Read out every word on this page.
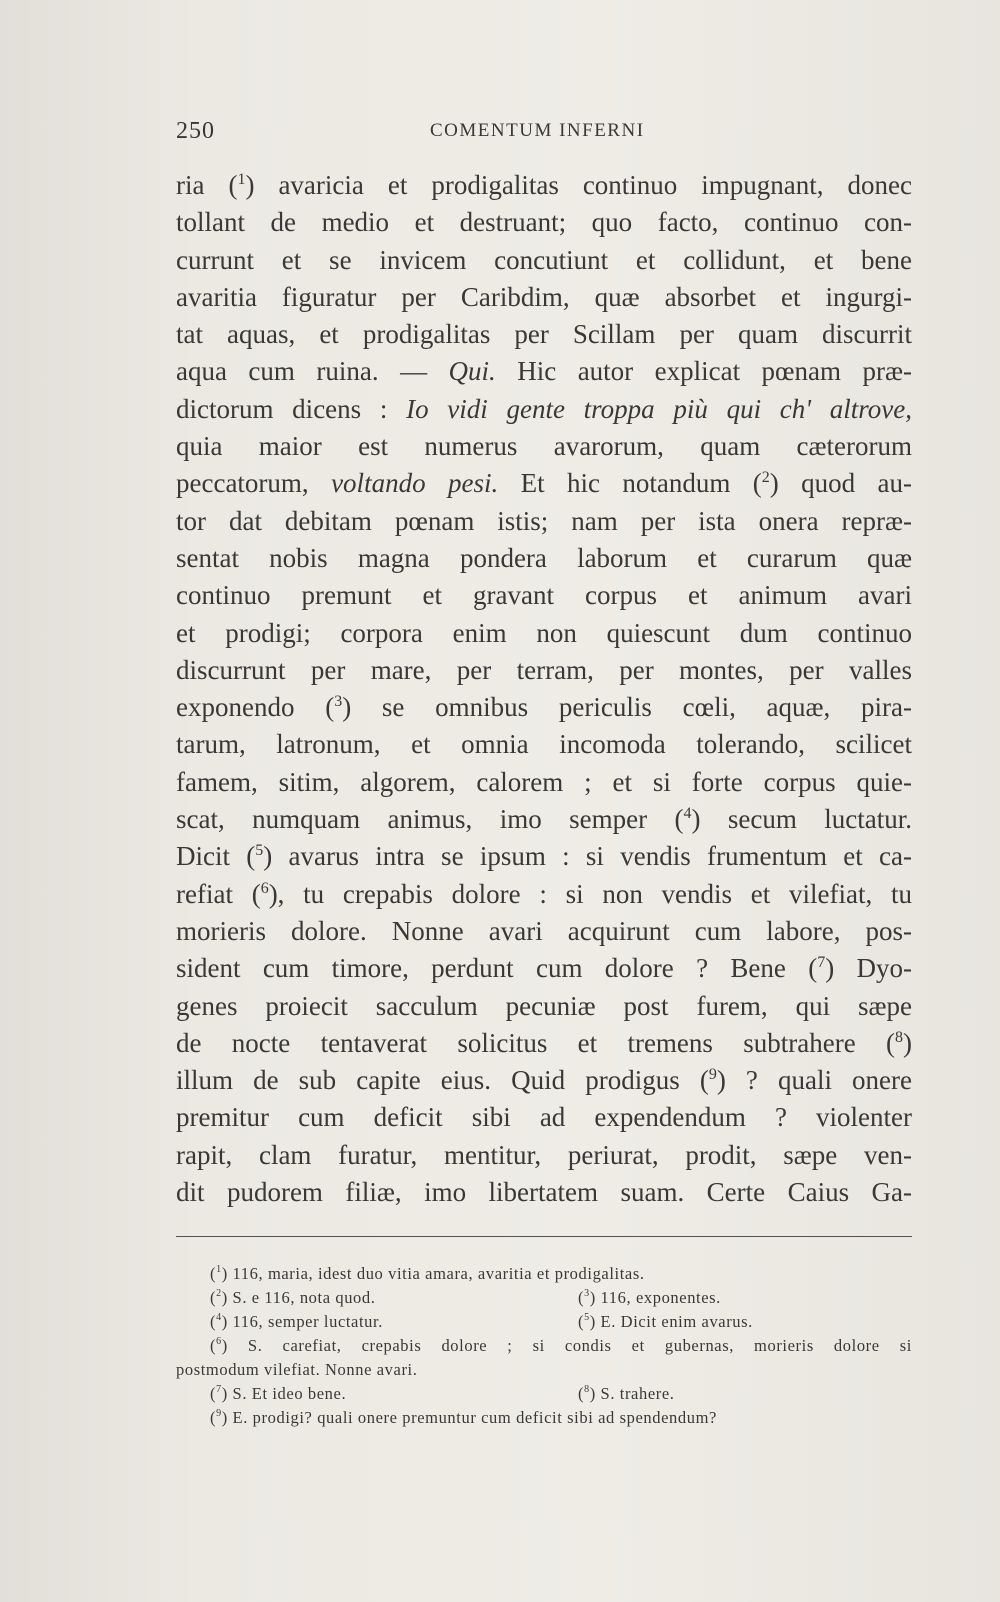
250	COMENTUM INFERNI
ria ($^1$) avaricia et prodigalitas continuo impugnant, donec
tollant de medio et destruant; quo facto, continuo con-
currunt et se invicem concutiunt et collidunt, et bene
avaritia figuratur per Caribdim, quæ absorbet et ingurgi-
tat aquas, et prodigalitas per Scillam per quam discurrit
aqua cum ruina. — Qui. Hic autor explicat pœnam præ-
dictorum dicens : Io vidi gente troppa più qui ch' altrove,
quia maior est numerus avarorum, quam cæterorum
peccatorum, voltando pesi. Et hic notandum ($^2$) quod au-
tor dat debitam pœnam istis; nam per ista onera repræ-
sentat nobis magna pondera laborum et curarum quæ
continuo premunt et gravant corpus et animum avari
et prodigi; corpora enim non quiescunt dum continuo
discurrunt per mare, per terram, per montes, per valles
exponendo ($^3$) se omnibus periculis cœli, aquæ, pira-
tarum, latronum, et omnia incomoda tolerando, scilicet
famem, sitim, algorem, calorem ; et si forte corpus quie-
scat, numquam animus, imo semper ($^4$) secum luctatur.
Dicit ($^5$) avarus intra se ipsum : si vendis frumentum et ca-
refiat ($^6$), tu crepabis dolore : si non vendis et vilefiat, tu
morieris dolore. Nonne avari acquirunt cum labore, pos-
sident cum timore, perdunt cum dolore ? Bene ($^7$) Dyo-
genes proiecit sacculum pecuniæ post furem, qui sæpe
de nocte tentaverat solicitus et tremens subtrahere ($^8$)
illum de sub capite eius. Quid prodigus ($^9$) ? quali onere
premitur cum deficit sibi ad expendendum ? violenter
rapit, clam furatur, mentitur, periurat, prodit, sæpe ven-
dit pudorem filiæ, imo libertatem suam. Certe Caius Ga-
($^1$) 116, maria, idest duo vitia amara, avaritia et prodigalitas.
($^2$) S. e 116, nota quod.	($^3$) 116, exponentes.
($^4$) 116, semper luctatur.	($^5$) E. Dicit enim avarus.
($^6$) S. carefiat, crepabis dolore ; si condis et gubernas, morieris dolore si
postmodum vilefiat. Nonne avari.
($^7$) S. Et ideo bene.	($^8$) S. trahere.
($^9$) E. prodigi? quali onere premuntur cum deficit sibi ad spendendum?
